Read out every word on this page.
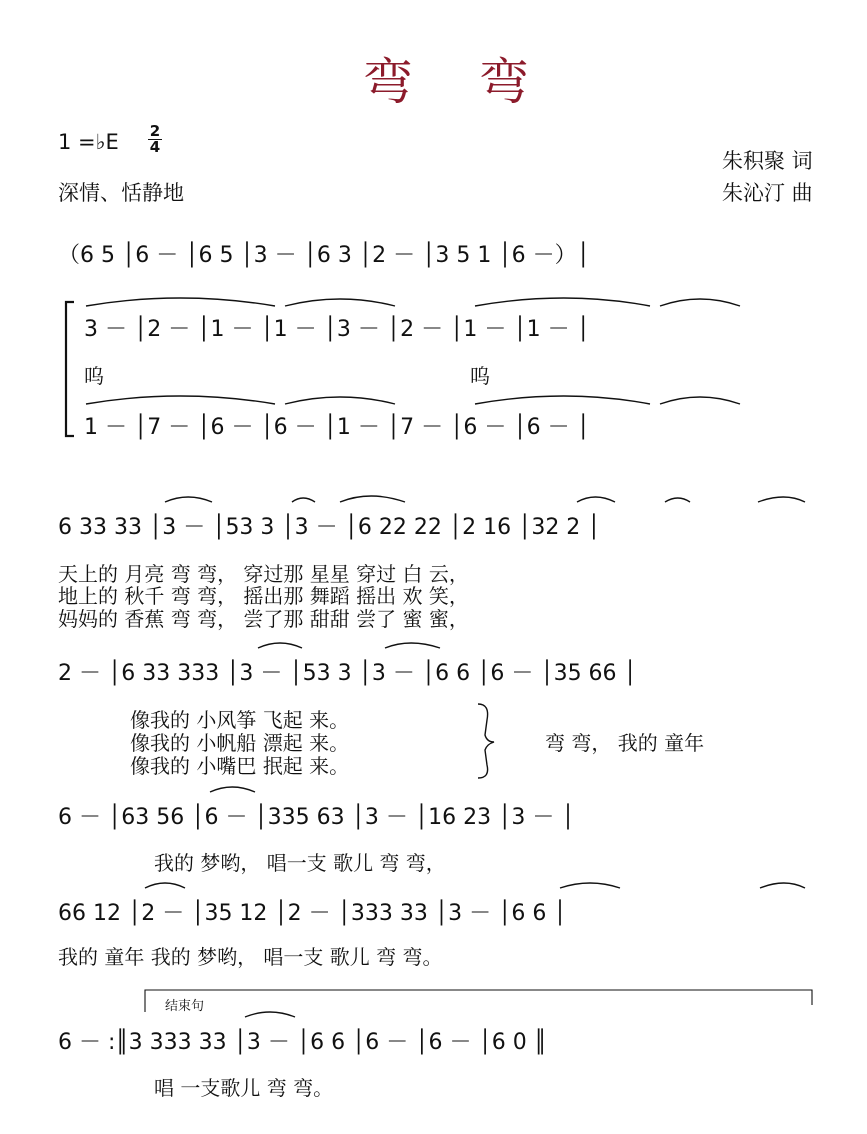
弯 弯
1 =♭E 2
4
深情、恬静地
朱积聚 词
朱沁汀 曲
（6 5 │6 － │6 5 │3 － │6 3 │2 － │3 5 1 │6 －）│
3 － │2 － │1 － │1 － │3 － │2 － │1 － │1 － │
呜	呜
1 － │7 － │6 － │6 － │1 － │7 － │6 － │6 － │
6 33 33 │3 － │53 3 │3 － │6 22 22 │2 16 │32 2 │
天上的 月亮 弯 弯， 穿过那 星星 穿过 白 云，
地上的 秋千 弯 弯， 摇出那 舞蹈 摇出 欢 笑，
妈妈的 香蕉 弯 弯， 尝了那 甜甜 尝了 蜜 蜜，
2 － │6 33 333 │3 － │53 3 │3 － │6 6 │6 － │35 66 │
像我的 小风筝 飞起 来。
像我的 小帆船 漂起 来。
像我的 小嘴巴 抿起 来。
弯 弯， 我的 童年
6 － │63 56 │6 － │335 63 │3 － │16 23 │3 － │
我的 梦哟， 唱一支 歌儿 弯 弯，
66 12 │2 － │35 12 │2 － │333 33 │3 － │6 6 │
我的 童年 我的 梦哟， 唱一支 歌儿 弯 弯。
结束句
6 － :║3 333 33 │3 － │6 6 │6 － │6 － │6 0 ║
唱 一支歌儿 弯 弯。
